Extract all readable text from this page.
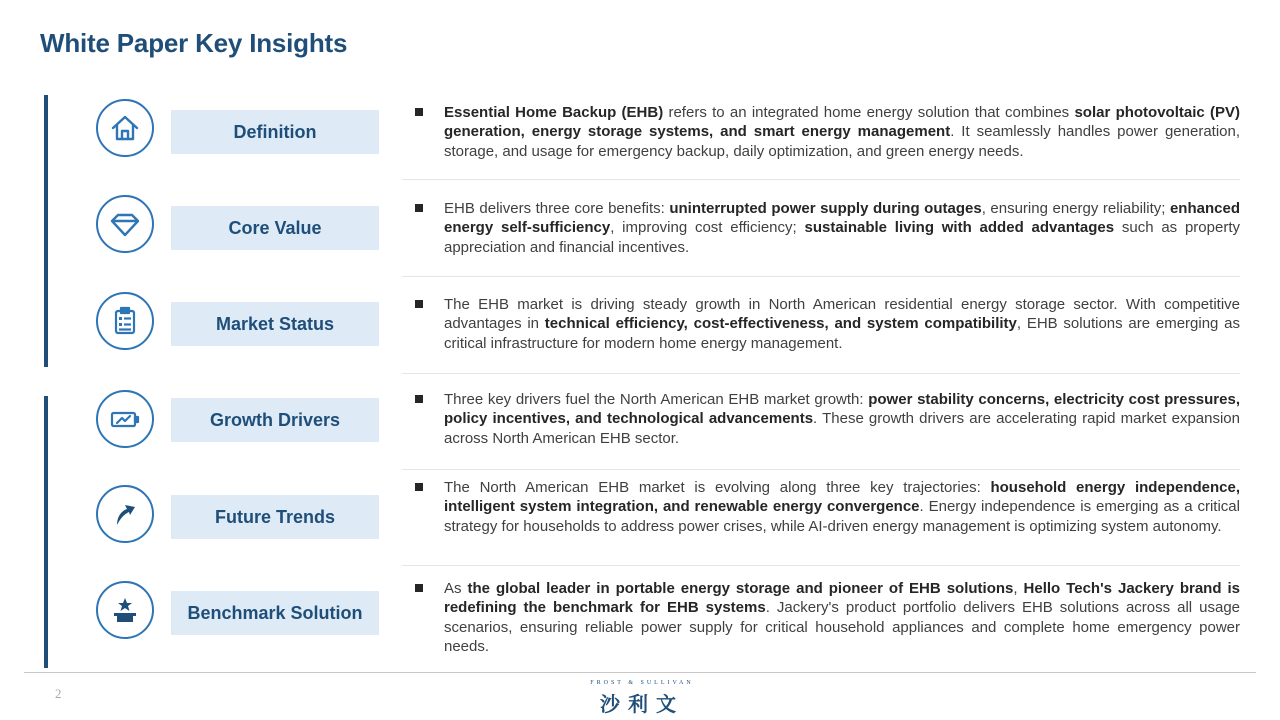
White Paper Key Insights
Definition

Essential Home Backup (EHB) refers to an integrated home energy solution that combines solar photovoltaic (PV) generation, energy storage systems, and smart energy management. It seamlessly handles power generation, storage, and usage for emergency backup, daily optimization, and green energy needs.

Core Value

EHB delivers three core benefits: uninterrupted power supply during outages, ensuring energy reliability; enhanced energy self-sufficiency, improving cost efficiency; sustainable living with added advantages such as property appreciation and financial incentives.

Market Status

The EHB market is driving steady growth in North American residential energy storage sector. With competitive advantages in technical efficiency, cost-effectiveness, and system compatibility, EHB solutions are emerging as critical infrastructure for modern home energy management.

Growth Drivers

Three key drivers fuel the North American EHB market growth: power stability concerns, electricity cost pressures, policy incentives, and technological advancements. These growth drivers are accelerating rapid market expansion across North American EHB sector.

Future Trends

The North American EHB market is evolving along three key trajectories: household energy independence, intelligent system integration, and renewable energy convergence. Energy independence is emerging as a critical strategy for households to address power crises, while AI-driven energy management is optimizing system autonomy.

Benchmark Solution

As the global leader in portable energy storage and pioneer of EHB solutions, Hello Tech's Jackery brand is redefining the benchmark for EHB systems. Jackery's product portfolio delivers EHB solutions across all usage scenarios, ensuring reliable power supply for critical household appliances and complete home emergency power needs.

2
FROST & SULLIVAN
沙利文
